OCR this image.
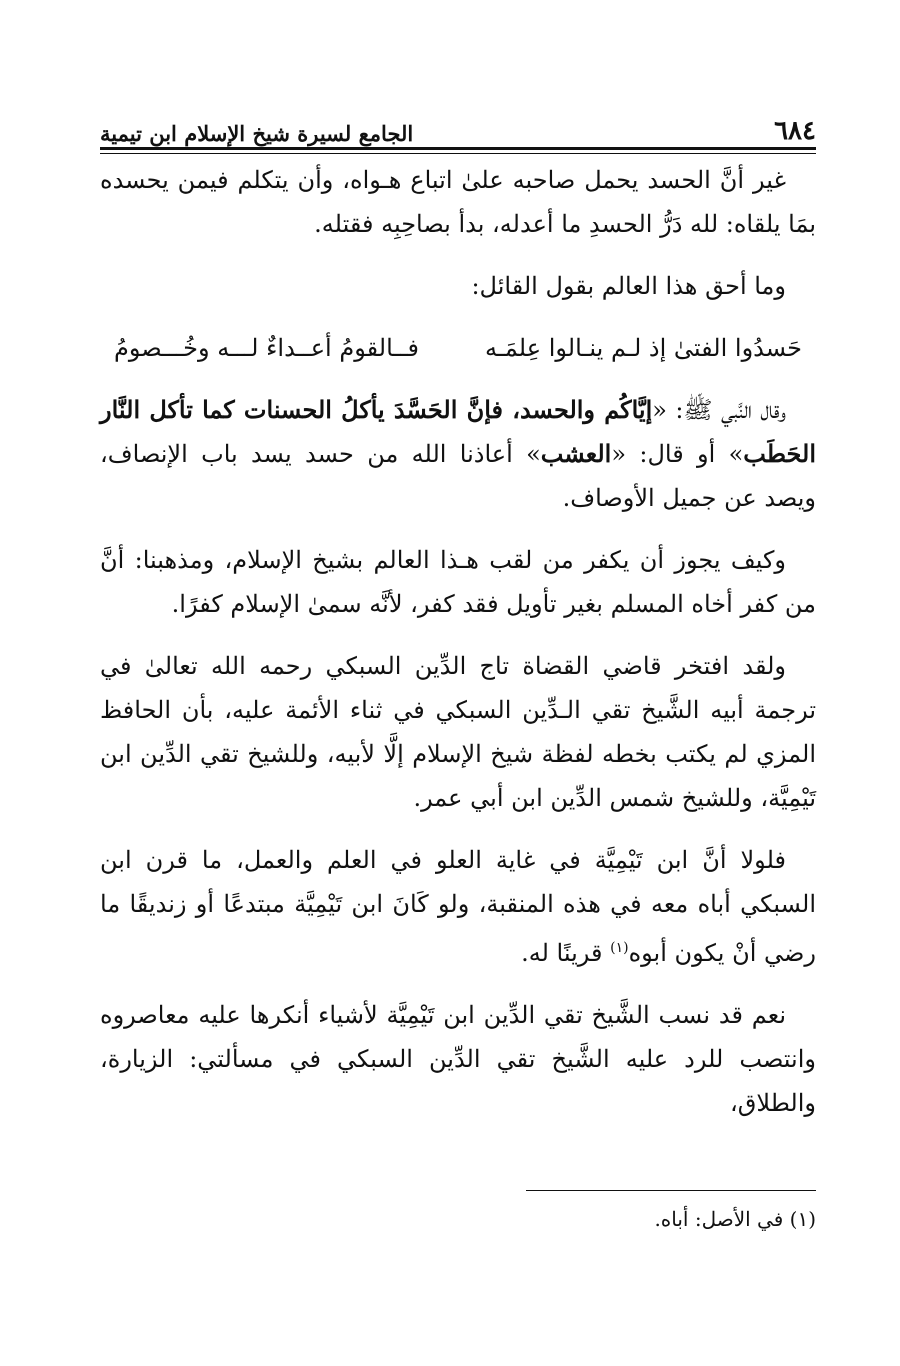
٦٨٤
الجامع لسيرة شيخ الإسلام ابن تيمية

غير أنَّ الحسد يحمل صاحبه علىٰ اتباع هـواه، وأن يتكلم فيمن يحسده بمَا يلقاه: لله دَرُّ الحسدِ ما أعدله، بدأ بصاحِبِه فقتله.

وما أحق هذا العالم بقول القائل:

حَسدُوا الفتىٰ إذ لـم ينـالوا عِلمَـه
فــالقومُ أعــداءٌ لـــه وخُـــصومُ

وقال النَّبي ﷺ: «إيَّاكُم والحسد، فإنَّ الحَسَّدَ يأكلُ الحسنات كما تأكل النَّار الحَطَب» أو قال: «العشب» أعاذنا الله من حسد يسد باب الإنصاف، ويصد عن جميل الأوصاف.

وكيف يجوز أن يكفر من لقب هـذا العالم بشيخ الإسلام، ومذهبنا: أنَّ من كفر أخاه المسلم بغير تأويل فقد كفر، لأنَّه سمىٰ الإسلام كفرًا.

ولقد افتخر قاضي القضاة تاج الدِّين السبكي رحمه الله تعالىٰ في ترجمة أبيه الشَّيخ تقي الـدِّين السبكي في ثناء الأئمة عليه، بأن الحافظ المزي لم يكتب بخطه لفظة شيخ الإسلام إلَّا لأبيه، وللشيخ تقي الدِّين ابن تَيْمِيَّة، وللشيخ شمس الدِّين ابن أبي عمر.

فلولا أنَّ ابن تَيْمِيَّة في غاية العلو في العلم والعمل، ما قرن ابن السبكي أباه معه في هذه المنقبة، ولو كَانَ ابن تَيْمِيَّة مبتدعًا أو زنديقًا ما رضي أنْ يكون أبوه$^{(١)}$ قرينًا له.

نعم قد نسب الشَّيخ تقي الدِّين ابن تَيْمِيَّة لأشياء أنكرها عليه معاصروه وانتصب للرد عليه الشَّيخ تقي الدِّين السبكي في مسألتي: الزيارة، والطلاق،

(١) في الأصل: أباه.
